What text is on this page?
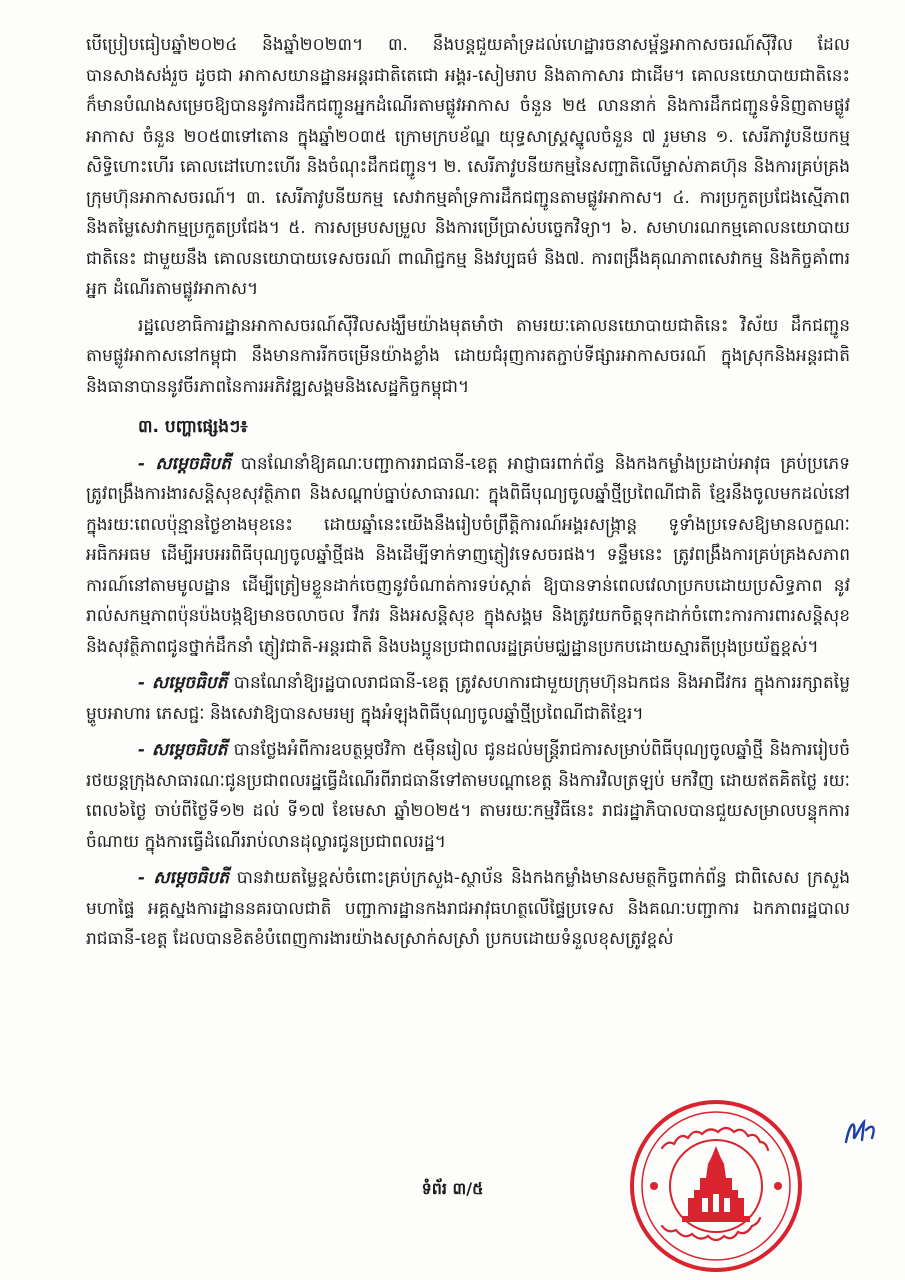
បើប្រៀបធៀបឆ្នាំ២០២៤ និងឆ្នាំ២០២៣។ ៣. នឹងបន្តជួយគាំទ្រដល់ហេដ្ឋារចនាសម្ព័ន្ធអាកាសចរណ៍ស៊ីវិល ដែលបានសាងសង់រួច ដូចជា អាកាសយានដ្ឋានអន្តរជាតិតេជោ អង្គរ-សៀមរាប និងតាកាសារ ជាដើម។ គោលនយោបាយជាតិនេះ ក៏មានបំណងសម្រេចឱ្យបាននូវការដឹកជញ្ជូនអ្នកដំណើរតាមផ្លូវអាកាស ចំនួន ២៥ លាននាក់ និងការដឹកជញ្ជូនទំនិញតាមផ្លូវអាកាស ចំនួន ២០៥៣ទៅតោន ក្នុងឆ្នាំ២០៣៥ ក្រោមក្របខ័ណ្ឌ យុទ្ធសាស្ត្រស្នូលចំនួន ៧ រួមមាន ១. សេរីភាវូបនីយកម្មសិទ្ធិហោះហើរ គោលដៅហោះហើរ និងចំណុះដឹកជញ្ជូន។ ២. សេរីភាវូបនីយកម្មនៃសញ្ជាតិលើម្ចាស់ភាគហ៊ុន និងការគ្រប់គ្រងក្រុមហ៊ុនអាកាសចរណ៍។ ៣. សេរីភាវូបនីយកម្ម សេវាកម្មគាំទ្រការដឹកជញ្ជូនតាមផ្លូវអាកាស។ ៤. ការប្រកួតប្រជែងស្មើភាព និងតម្លៃសេវាកម្មប្រកួតប្រជែង។ ៥. ការសម្របសម្រួល និងការប្រើប្រាស់បច្ចេកវិទ្យា។ ៦. សមាហរណកម្មគោលនយោបាយជាតិនេះ ជាមួយនឹង គោលនយោបាយទេសចរណ៍ ពាណិជ្ជកម្ម និងវប្បធម៌ និង៧. ការពង្រឹងគុណភាពសេវាកម្ម និងកិច្ចគាំពារអ្នក ដំណើរតាមផ្លូវអាកាស។

រដ្ឋលេខាធិការដ្ឋានអាកាសចរណ៍ស៊ីវិលសង្ឃឹមយ៉ាងមុតមាំថា តាមរយៈគោលនយោបាយជាតិនេះ វិស័យ ដឹកជញ្ជូនតាមផ្លូវអាកាសនៅកម្ពុជា នឹងមានការរីកចម្រើនយ៉ាងខ្លាំង ដោយជំរុញការតភ្ជាប់ទីផ្សារអាកាសចរណ៍ ក្នុងស្រុកនិងអន្តរជាតិ និងធានាបាននូវចីរភាពនៃការអភិវឌ្ឍសង្គមនិងសេដ្ឋកិច្ចកម្ពុជា។

៣. បញ្ហាផ្សេងៗ៖

- សម្តេចធិបតី បានណែនាំឱ្យគណៈបញ្ជាការរាជធានី-ខេត្ត អាជ្ញាធរពាក់ព័ន្ធ និងកងកម្លាំងប្រដាប់អាវុធ គ្រប់ប្រភេទ ត្រូវពង្រឹងការងារសន្តិសុខសុវត្ថិភាព និងសណ្តាប់ធ្នាប់សាធារណៈ ក្នុងពិធីបុណ្យចូលឆ្នាំថ្មីប្រពៃណីជាតិ ខ្មែរនឹងចូលមកដល់នៅក្នុងរយៈពេលប៉ុន្មានថ្ងៃខាងមុខនេះ ដោយឆ្នាំនេះយើងនឹងរៀបចំព្រឹត្តិការណ៍អង្គរសង្ក្រាន្ត ទូទាំងប្រទេសឱ្យមានលក្ខណៈអធិកអធម ដើម្បីអបអរពិធីបុណ្យចូលឆ្នាំថ្មីផង និងដើម្បីទាក់ទាញភ្ញៀវទេសចរផង។ ទន្ទឹមនេះ ត្រូវពង្រឹងការគ្រប់គ្រងសភាពការណ៍នៅតាមមូលដ្ឋាន ដើម្បីត្រៀមខ្លួនដាក់ចេញនូវចំណាត់ការទប់ស្កាត់ ឱ្យបានទាន់ពេលវេលាប្រកបដោយប្រសិទ្ធភាព នូវរាល់សកម្មភាពប៉ុនប៉ងបង្កឱ្យមានចលាចល វឹកវរ និងអសន្តិសុខ ក្នុងសង្គម និងត្រូវយកចិត្តទុកដាក់ចំពោះការការពារសន្តិសុខ និងសុវត្ថិភាពជូនថ្នាក់ដឹកនាំ ភ្ញៀវជាតិ-អន្តរជាតិ និងបងប្អូនប្រជាពលរដ្ឋគ្រប់មជ្ឈដ្ឋានប្រកបដោយស្មារតីប្រុងប្រយ័ត្នខ្ពស់។

- សម្តេចធិបតី បានណែនាំឱ្យរដ្ឋបាលរាជធានី-ខេត្ត ត្រូវសហការជាមួយក្រុមហ៊ុនឯកជន និងអាជីវករ ក្នុងការរក្សាតម្លៃម្ហូបអាហារ ភេសជ្ជៈ និងសេវាឱ្យបានសមរម្យ ក្នុងអំឡុងពិធីបុណ្យចូលឆ្នាំថ្មីប្រពៃណីជាតិខ្មែរ។

- សម្តេចធិបតី បានថ្លែងអំពីការឧបត្ថម្ភថវិកា ៥ម៉ឺនរៀល ជូនដល់មន្ត្រីរាជការសម្រាប់ពិធីបុណ្យចូលឆ្នាំថ្មី និងការរៀបចំរថយន្តក្រុងសាធារណៈជូនប្រជាពលរដ្ឋធ្វើដំណើរពីរាជធានីទៅតាមបណ្តាខេត្ត និងការវិលត្រឡប់ មកវិញ ដោយឥតគិតថ្លៃ រយៈពេល៦ថ្ងៃ ចាប់ពីថ្ងៃទី១២ ដល់ ទី១៧ ខែមេសា ឆ្នាំ២០២៥។ តាមរយៈកម្មវិធីនេះ រាជរដ្ឋាភិបាលបានជួយសម្រាលបន្ទុកការចំណាយ ក្នុងការធ្វើដំណើររាប់លានដុល្លារជូនប្រជាពលរដ្ឋ។

- សម្តេចធិបតី បានវាយតម្លៃខ្ពស់ចំពោះគ្រប់ក្រសួង-ស្ថាប័ន និងកងកម្លាំងមានសមត្ថកិច្ចពាក់ព័ន្ធ ជាពិសេស ក្រសួងមហាផ្ទៃ អគ្គស្នងការដ្ឋាននគរបាលជាតិ បញ្ជាការដ្ឋានកងរាជអាវុធហត្ថលើផ្ទៃប្រទេស និងគណៈបញ្ជាការ ឯកភាពរដ្ឋបាលរាជធានី-ខេត្ត ដែលបានខិតខំបំពេញការងារយ៉ាងសស្រាក់សស្រាំ ប្រកបដោយទំនួលខុសត្រូវខ្ពស់

ទំព័រ ៣/៥
